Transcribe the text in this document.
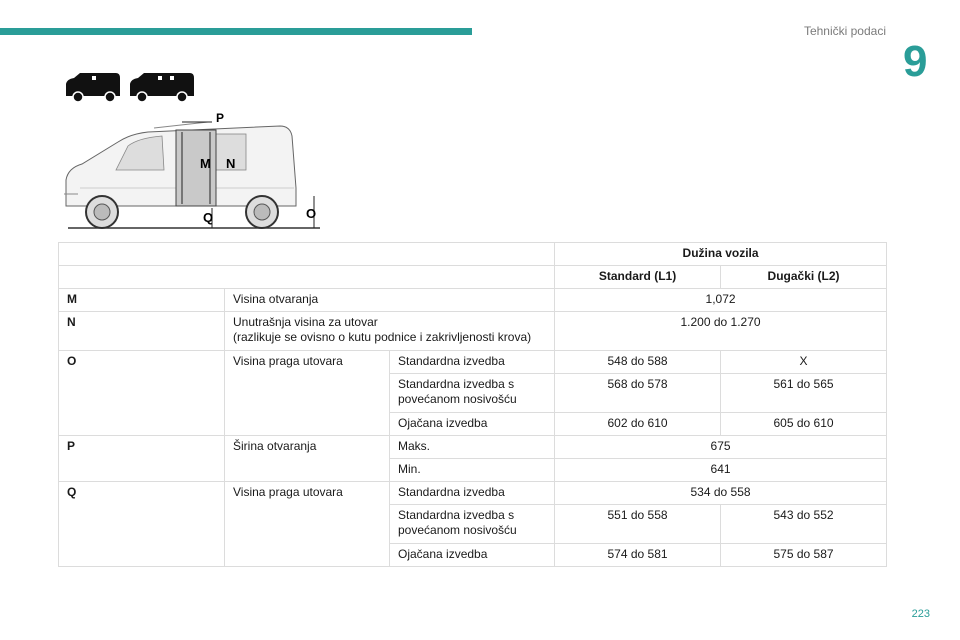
Tehnički podaci
9
P
M N
Q	O
			Dužina vozila	
			Standard (L1)	Dugački (L2)
M	Visina otvaranja		1,072	
N	Unutrašnja visina za utovar
(razlikuje se ovisno o kutu podnice i zakrivljenosti krova)		1.200 do 1.270	
O	Visina praga utovara	Standardna izvedba	548 do 588	X

		Standardna izvedba s
povećanom nosivošću	568 do 578	561 do 565
		Ojačana izvedba	602 do 610	605 do 610
P	Širina otvaranja	Maks.	675	
		Min.	641	
Q	Visina praga utovara	Standardna izvedba	534 do 558	

		Standardna izvedba s
povećanom nosivošću	551 do 558	543 do 552
		Ojačana izvedba	574 do 581	575 do 587
223
